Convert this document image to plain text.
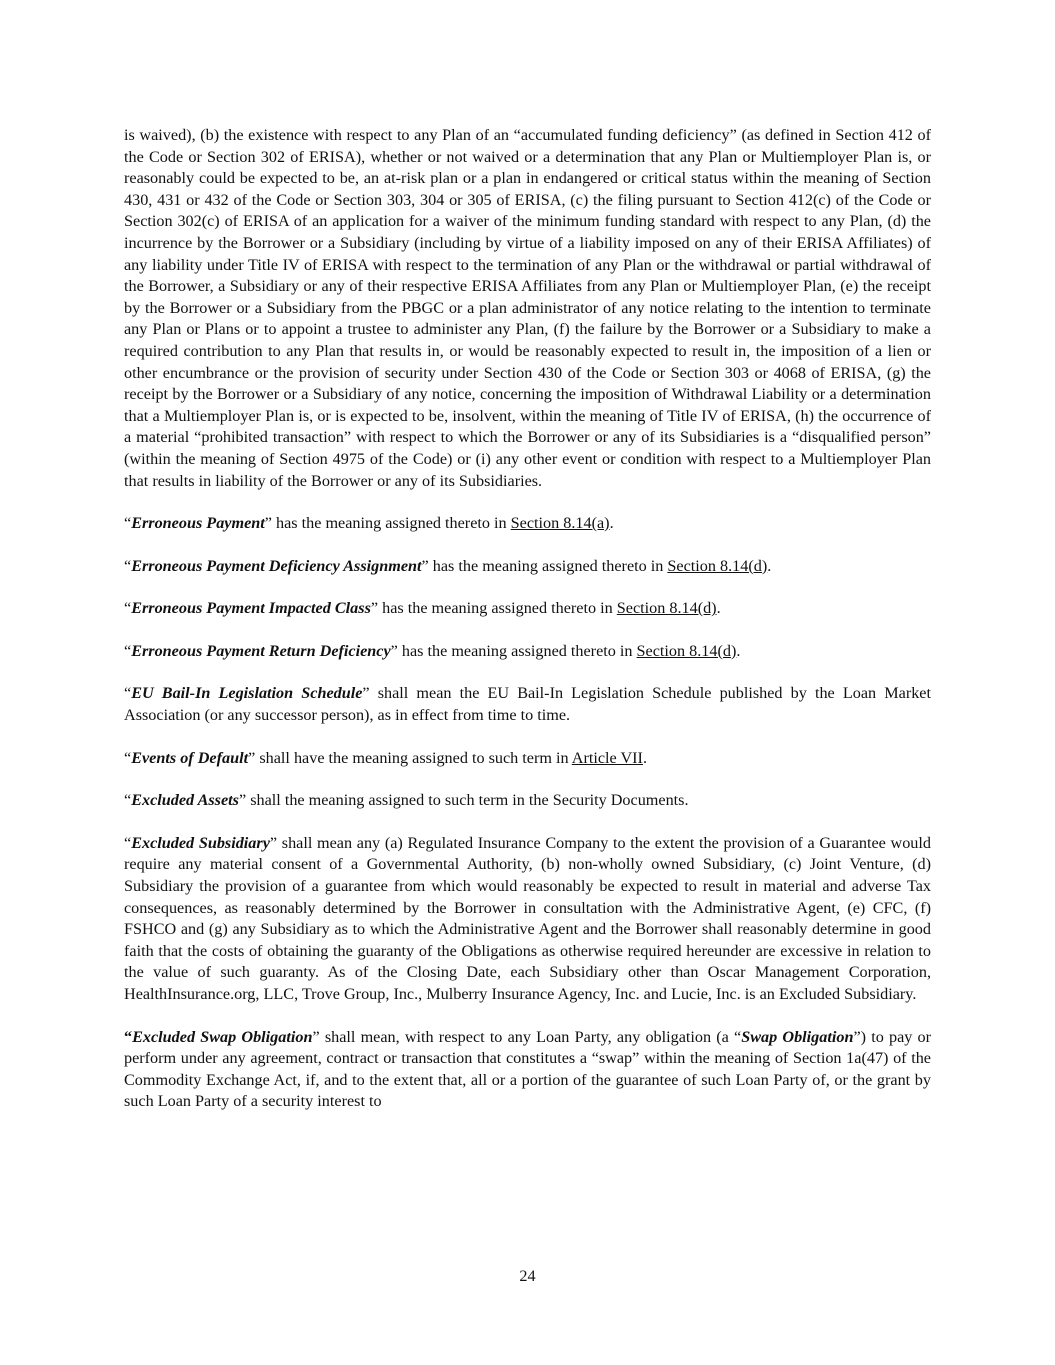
is waived), (b) the existence with respect to any Plan of an “accumulated funding deficiency” (as defined in Section 412 of the Code or Section 302 of ERISA), whether or not waived or a determination that any Plan or Multiemployer Plan is, or reasonably could be expected to be, an at-risk plan or a plan in endangered or critical status within the meaning of Section 430, 431 or 432 of the Code or Section 303, 304 or 305 of ERISA, (c) the filing pursuant to Section 412(c) of the Code or Section 302(c) of ERISA of an application for a waiver of the minimum funding standard with respect to any Plan, (d) the incurrence by the Borrower or a Subsidiary (including by virtue of a liability imposed on any of their ERISA Affiliates) of any liability under Title IV of ERISA with respect to the termination of any Plan or the withdrawal or partial withdrawal of the Borrower, a Subsidiary or any of their respective ERISA Affiliates from any Plan or Multiemployer Plan, (e) the receipt by the Borrower or a Subsidiary from the PBGC or a plan administrator of any notice relating to the intention to terminate any Plan or Plans or to appoint a trustee to administer any Plan, (f) the failure by the Borrower or a Subsidiary to make a required contribution to any Plan that results in, or would be reasonably expected to result in, the imposition of a lien or other encumbrance or the provision of security under Section 430 of the Code or Section 303 or 4068 of ERISA, (g) the receipt by the Borrower or a Subsidiary of any notice, concerning the imposition of Withdrawal Liability or a determination that a Multiemployer Plan is, or is expected to be, insolvent, within the meaning of Title IV of ERISA, (h) the occurrence of a material “prohibited transaction” with respect to which the Borrower or any of its Subsidiaries is a “disqualified person” (within the meaning of Section 4975 of the Code) or (i) any other event or condition with respect to a Multiemployer Plan that results in liability of the Borrower or any of its Subsidiaries.

“Erroneous Payment” has the meaning assigned thereto in Section 8.14(a).

“Erroneous Payment Deficiency Assignment” has the meaning assigned thereto in Section 8.14(d).

“Erroneous Payment Impacted Class” has the meaning assigned thereto in Section 8.14(d).

“Erroneous Payment Return Deficiency” has the meaning assigned thereto in Section 8.14(d).

“EU Bail-In Legislation Schedule” shall mean the EU Bail-In Legislation Schedule published by the Loan Market Association (or any successor person), as in effect from time to time.

“Events of Default” shall have the meaning assigned to such term in Article VII.

“Excluded Assets” shall the meaning assigned to such term in the Security Documents.

“Excluded Subsidiary” shall mean any (a) Regulated Insurance Company to the extent the provision of a Guarantee would require any material consent of a Governmental Authority, (b) non-wholly owned Subsidiary, (c) Joint Venture, (d) Subsidiary the provision of a guarantee from which would reasonably be expected to result in material and adverse Tax consequences, as reasonably determined by the Borrower in consultation with the Administrative Agent, (e) CFC, (f) FSHCO and (g) any Subsidiary as to which the Administrative Agent and the Borrower shall reasonably determine in good faith that the costs of obtaining the guaranty of the Obligations as otherwise required hereunder are excessive in relation to the value of such guaranty. As of the Closing Date, each Subsidiary other than Oscar Management Corporation, HealthInsurance.org, LLC, Trove Group, Inc., Mulberry Insurance Agency, Inc. and Lucie, Inc. is an Excluded Subsidiary.

“Excluded Swap Obligation” shall mean, with respect to any Loan Party, any obligation (a “Swap Obligation”) to pay or perform under any agreement, contract or transaction that constitutes a “swap” within the meaning of Section 1a(47) of the Commodity Exchange Act, if, and to the extent that, all or a portion of the guarantee of such Loan Party of, or the grant by such Loan Party of a security interest to

24
